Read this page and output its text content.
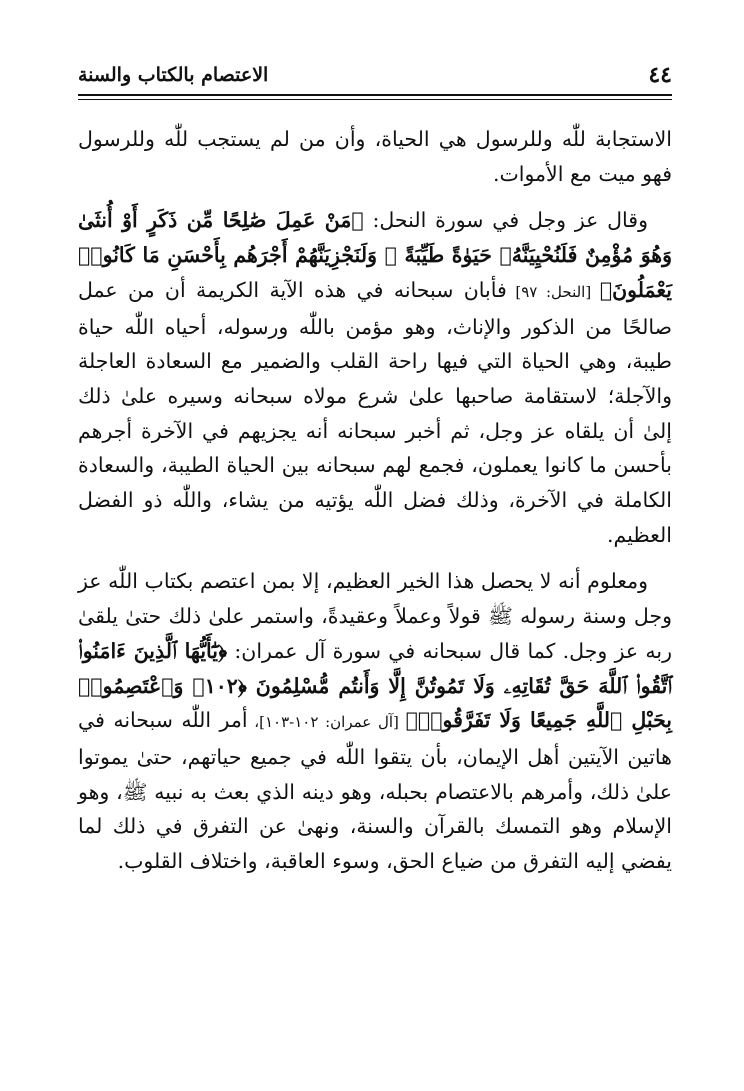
٤٤
الاعتصام بالكتاب والسنة

الاستجابة للّٰه وللرسول هي الحياة، وأن من لم يستجب للّٰه وللرسول فهو ميت مع الأموات.

وقال عز وجل في سورة النحل: ﴿مَنْ عَمِلَ صَٰلِحًا مِّن ذَكَرٍ أَوْ أُنثَىٰ وَهُوَ مُؤْمِنٌ فَلَنُحْيِيَنَّهُۥ حَيَوٰةً طَيِّبَةً ۖ وَلَنَجْزِيَنَّهُمْ أَجْرَهُم بِأَحْسَنِ مَا كَانُوا۟ يَعْمَلُونَ﴾ [النحل: ٩٧] فأبان سبحانه في هذه الآية الكريمة أن من عمل صالحًا من الذكور والإناث، وهو مؤمن باللّٰه ورسوله، أحياه اللّٰه حياة طيبة، وهي الحياة التي فيها راحة القلب والضمير مع السعادة العاجلة والآجلة؛ لاستقامة صاحبها علىٰ شرع مولاه سبحانه وسيره علىٰ ذلك إلىٰ أن يلقاه عز وجل، ثم أخبر سبحانه أنه يجزيهم في الآخرة أجرهم بأحسن ما كانوا يعملون، فجمع لهم سبحانه بين الحياة الطيبة، والسعادة الكاملة في الآخرة، وذلك فضل اللّٰه يؤتيه من يشاء، واللّٰه ذو الفضل العظيم.

ومعلوم أنه لا يحصل هذا الخير العظيم، إلا بمن اعتصم بكتاب اللّٰه عز وجل وسنة رسوله ﷺ قولاً وعملاً وعقيدةً، واستمر علىٰ ذلك حتىٰ يلقىٰ ربه عز وجل. كما قال سبحانه في سورة آل عمران: ﴿يَٰٓأَيُّهَا ٱلَّذِينَ ءَامَنُوا۟ ٱتَّقُوا۟ ٱللَّهَ حَقَّ تُقَاتِهِۦ وَلَا تَمُوتُنَّ إِلَّا وَأَنتُم مُّسْلِمُونَ ﴿١٠٢﴾ وَٱعْتَصِمُوا۟ بِحَبْلِ ٱللَّهِ جَمِيعًا وَلَا تَفَرَّقُوا۟﴾ [آل عمران: ١٠٢-١٠٣]، أمر اللّٰه سبحانه في هاتين الآيتين أهل الإيمان، بأن يتقوا اللّٰه في جميع حياتهم، حتىٰ يموتوا علىٰ ذلك، وأمرهم بالاعتصام بحبله، وهو دينه الذي بعث به نبيه ﷺ، وهو الإسلام وهو التمسك بالقرآن والسنة، ونهىٰ عن التفرق في ذلك لما يفضي إليه التفرق من ضياع الحق، وسوء العاقبة، واختلاف القلوب.
